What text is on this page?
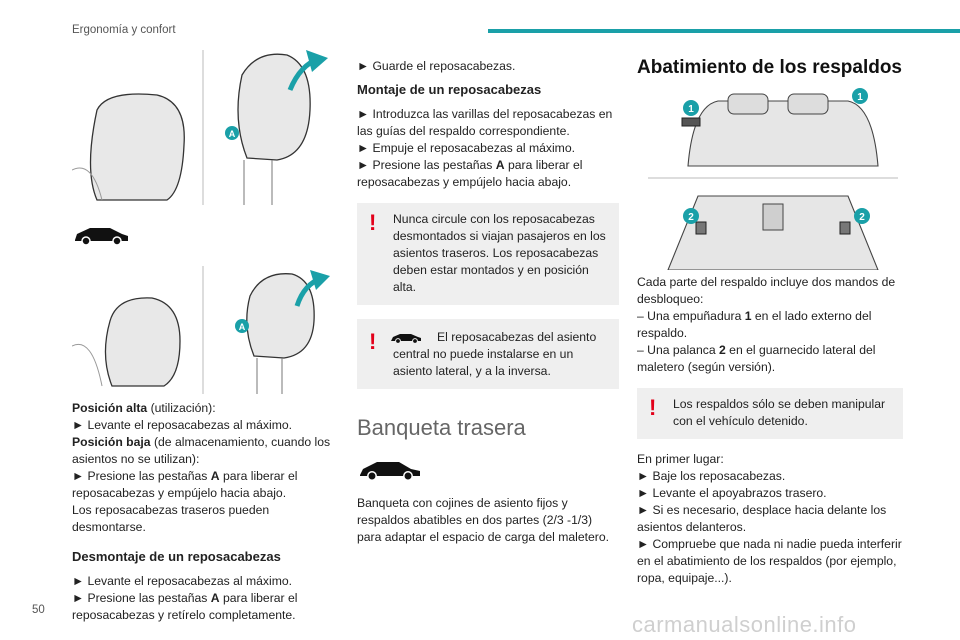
Ergonomía y confort
A
A

Posición alta (utilización):

► Levante el reposacabezas al máximo.

Posición baja (de almacenamiento, cuando los asientos no se utilizan):

► Presione las pestañas A para liberar el reposacabezas y empújelo hacia abajo.

Los reposacabezas traseros pueden desmontarse.

Desmontaje de un reposacabezas

► Levante el reposacabezas al máximo.

► Presione las pestañas A para liberar el reposacabezas y retírelo completamente.

► Guarde el reposacabezas.

Montaje de un reposacabezas

► Introduzca las varillas del reposacabezas en las guías del respaldo correspondiente.

► Empuje el reposacabezas al máximo.

► Presione las pestañas A para liberar el reposacabezas y empújelo hacia abajo.

!	Nunca circule con los reposacabezas desmontados si viajan pasajeros en los asientos traseros. Los reposacabezas deben estar montados y en posición alta.

!	El reposacabezas del asiento central no puede instalarse en un asiento lateral, y a la inversa.

Banqueta trasera

Banqueta con cojines de asiento fijos y respaldos abatibles en dos partes (2/3 -1/3) para adaptar el espacio de carga del maletero.

Abatimiento de los respaldos

1
1
2	2

Cada parte del respaldo incluye dos mandos de desbloqueo:

– Una empuñadura 1 en el lado externo del respaldo.

– Una palanca 2 en el guarnecido lateral del maletero (según versión).

!	Los respaldos sólo se deben manipular con el vehículo detenido.

En primer lugar:

► Baje los reposacabezas.

► Levante el apoyabrazos trasero.

► Si es necesario, desplace hacia delante los asientos delanteros.

► Compruebe que nada ni nadie pueda interferir en el abatimiento de los respaldos (por ejemplo, ropa, equipaje...).

50
carmanualsonline.info
